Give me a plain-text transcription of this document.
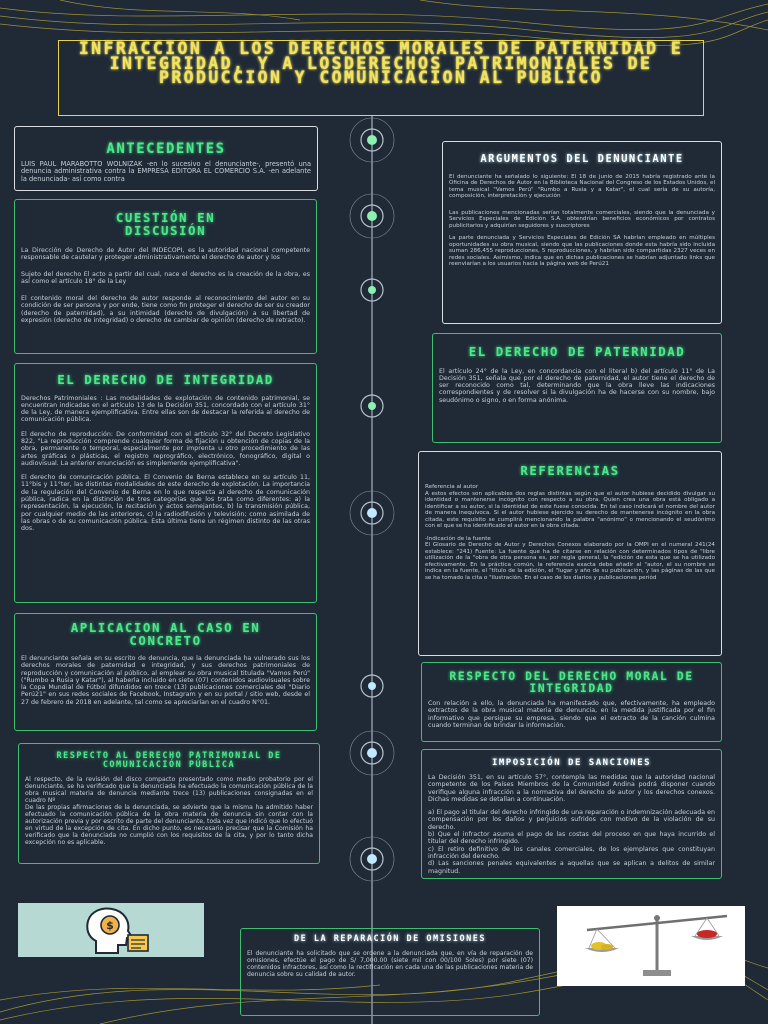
INFRACCION A LOS DERECHOS MORALES DE PATERNIDAD E INTEGRIDAD, Y A LOSDERECHOS PATRIMONIALES DE PRODUCCION Y COMUNICACION AL PUBLICO
ANTECEDENTES

LUIS PAUL MARABOTTO WOLNIZAK -en lo sucesivo el denunciante-, presentó una denuncia administrativa contra la EMPRESA EDITORA EL COMERCIO S.A. -en adelante la denunciada- así como contra

CUESTIÓN EN DISCUSIÓN

La Dirección de Derecho de Autor del INDECOPI, es la autoridad nacional competente responsable de cautelar y proteger administrativamente el derecho de autor y los

Sujeto del derecho El acto a partir del cual, nace el derecho es la creación de la obra, es así como el artículo 18° de la Ley

El contenido moral del derecho de autor responde al reconocimiento del autor en su condición de ser persona y por ende, tiene como fin proteger el derecho de ser su creador (derecho de paternidad), a su intimidad (derecho de divulgación) a su libertad de expresión (derecho de integridad) o derecho de cambiar de opinión (derecho de retracto).

ARGUMENTOS DEL DENUNCIANTE

El denunciante ha señalado lo siguiente: El 18 de junio de 2015 habría registrado ante la Oficina de Derechos de Autor en la Biblioteca Nacional del Congreso de los Estados Unidos, el tema musical "Vamos Perú" "Rumbo a Rusia y a Katar", el cual sería de su autoría, composición, interpretación y ejecución

Las publicaciones mencionadas serían totalmente comerciales, siendo que la denunciada y Servicios Especiales de Edición S.A. obtendrían beneficios económicos por contratos publicitarios y adquirían seguidores y suscriptores

La parte denunciada y Servicios Especiales de Edición SA habrían empleado en múltiples oportunidades su obra musical, siendo que las publicaciones donde esta habría sido incluida suman 286,455 reproducciones, 5 reproducciones, y habrían sido compartidas 2327 veces en redes sociales. Asimismo, indica que en dichas publicaciones se habrían adjuntado links que reenviarían a los usuarios hacia la página web de Perú21

EL DERECHO DE PATERNIDAD

El artículo 24° de la Ley, en concordancia con el literal b) del artículo 11° de La Decisión 351, señala que por el derecho de paternidad, el autor tiene el derecho de ser reconocido como tal, determinando que la obra lleve las indicaciones correspondientes y de resolver si la divulgación ha de hacerse con su nombre, bajo seudónimo o signo, o en forma anónima.

EL DERECHO DE INTEGRIDAD

Derechos Patrimoniales : Las modalidades de explotación de contenido patrimonial, se encuentran indicadas en el artículo 13 de la Decisión 351, concordado con el artículo 31° de la Ley, de manera ejemplificativa. Entre ellas son de destacar la referida al derecho de comunicación pública.

El derecho de reproducción: De conformidad con el artículo 32° del Decreto Legislativo 822, "La reproducción comprende cualquier forma de fijación u obtención de copias de la obra, permanente o temporal, especialmente por imprenta u otro procedimiento de las artes gráficas o plásticas, el registro reprográfico, electrónico, fonográfico, digital o audiovisual. La anterior enunciación es simplemente ejemplificativa".

El derecho de comunicación pública. El Convenio de Berna establece en su artículo 11, 11°bis y 11°ter, las distintas modalidades de este derecho de explotación. La importancia de la regulación del Convenio de Berna en lo que respecta al derecho de comunicación pública, radica en la distinción de tres categorías que los trata como diferentes: a) la representación, la ejecución, la recitación y actos semejantes, b) la transmisión pública, por cualquier medio de las anteriores, c) la radiodifusión y televisión; como asimilada de las obras o de su comunicación pública. Esta última tiene un régimen distinto de las otras dos.

REFERENCIAS

Referencia al autor
A estos efectos son aplicables dos reglas distintas según que el autor hubiese decidido divulgar su identidad o mantenerse incógnito con respecto a su obra. Quien crea una obra está obligado a identificar a su autor, si la identidad de este fuese conocida. En tal caso indicará el nombre del autor de manera inequívoca. Si el autor hubiese ejercido su derecho de mantenerse incógnito en la obra citada, este requisito se cumplirá mencionando la palabra "anónimo" o mencionando el seudónimo con el que se ha identificado el autor en la obra citada.

-Indicación de la fuente
El Glosario de Derecho de Autor y Derechos Conexos elaborado por la OMPI en el numeral 241(24 establece: "241) Fuente: La fuente que ha de citarse en relación con determinados tipos de "libre utilización de la "obra de otra persona es, por regla general, la "edición de esta que se ha utilizado efectivamente. En la práctica común, la referencia exacta debe añadir al "autor, el su nombre se indica en la fuente, el "título de la edición, el "lugar y año de su publicación, y las páginas de las que se ha tomado la cita o "ilustración. En el caso de los diarios y publicaciones periód

APLICACION AL CASO EN CONCRETO

El denunciante señala en su escrito de denuncia, que la denunciada ha vulnerado sus los derechos morales de paternidad e integridad, y sus derechos patrimoniales de reproducción y comunicación al público, al emplear su obra musical titulada "Vamos Perú" ("Rumbo a Rusia y Katar"), al haberla incluido en siete (07) contenidos audiovisuales sobre la Copa Mundial de Fútbol difundidos en trece (13) publicaciones comerciales del "Diario Perú21" en sus redes sociales de Facebook, Instagram y en su portal / sitio web, desde el 27 de febrero de 2018 en adelante, tal como se apreciarían en el cuadro N°01.

RESPECTO DEL DERECHO MORAL DE INTEGRIDAD

Con relación a ello, la denunciada ha manifestado que, efectivamente, ha empleado extractos de la obra musical materia de denuncia, en la medida justificada por el fin informativo que persigue su empresa, siendo que el extracto de la canción culmina cuando terminan de brindar la información.

RESPECTO AL DERECHO PATRIMONIAL DE COMUNICACIÓN PÚBLICA

Al respecto, de la revisión del disco compacto presentado como medio probatorio por el denunciante, se ha verificado que la denunciada ha efectuado la comunicación pública de la obra musical materia de denuncia mediante trece (13) publicaciones consignadas en el cuadro Nº
De las propias afirmaciones de la denunciada, se advierte que la misma ha admitido haber efectuado la comunicación pública de la obra materia de denuncia sin contar con la autorización previa y por escrito de parte del denunciante, toda vez que indicó que lo efectuó en virtud de la excepción de cita. En dicho punto, es necesario precisar que la Comisión ha verificado que la denunciada no cumplió con los requisitos de la cita, y por lo tanto dicha excepción no es aplicable.

IMPOSICIÓN DE SANCIONES

La Decisión 351, en su artículo 57°, contempla las medidas que la autoridad nacional competente de los Países Miembros de la Comunidad Andina podrá disponer cuando verifique alguna infracción a la normativa del derecho de autor y los derechos conexos. Dichas medidas se detallan a continuación.

a) El pago al titular del derecho infringido de una reparación o indemnización adecuada en compensación por los daños y perjuicios sufridos con motivo de la violación de su derecho.
b) Que el infractor asuma el pago de las costas del proceso en que haya incurrido el titular del derecho infringido.
c) El retiro definitivo de los canales comerciales, de los ejemplares que constituyan infracción del derecho.
d) Las sanciones penales equivalentes a aquellas que se aplican a delitos de similar magnitud.

$
DE LA REPARACIÓN DE OMISIONES

El denunciante ha solicitado que se ordene a la denunciada que, en vía de reparación de omisiones, efectúe el pago de S/ 7,000.00 (siete mil con 00/100 Soles) por siete (07) contenidos infractores, así como la rectificación en cada una de las publicaciones materia de denuncia sobre su calidad de autor.
